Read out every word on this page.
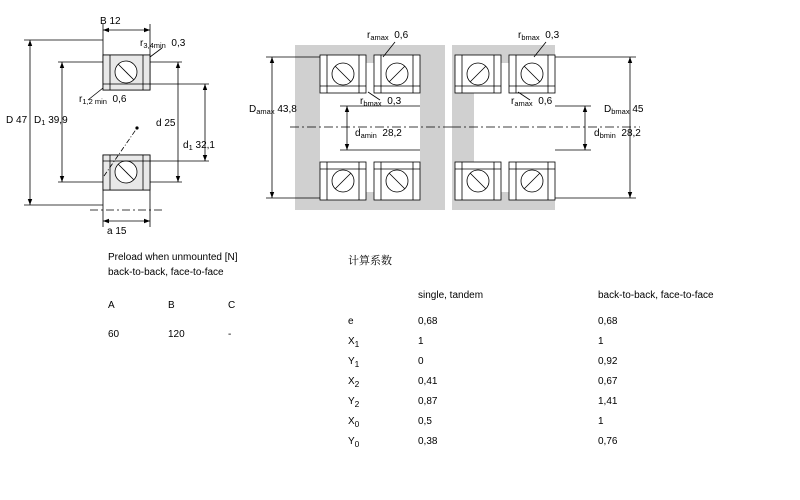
B 12
$r_{3,4min}$ 0,3
D 47 $D_1$ 39,9
$r_{1,2 min}$ 0,6
d 25
$d_1$ 32,1
a 15
$r_{amax}$ 0,6
$D_{amax}$ 43,8
$r_{bmax}$ 0,3
$d_{amin}$ 28,2
$r_{bmax}$ 0,3
$r_{amax}$ 0,6
$D_{bmax}$ 45
$d_{bmin}$ 28,2
Preload when unmounted [N]
back-to-back, face-to-face
A	B	C
60	120	-
计算系数
	single, tandem	back-to-back, face-to-face
e	0,68	0,68
$X_1$	1	1
$Y_1$	0	0,92
$X_2$	0,41	0,67
$Y_2$	0,87	1,41
$X_0$	0,5	1
$Y_0$	0,38	0,76
